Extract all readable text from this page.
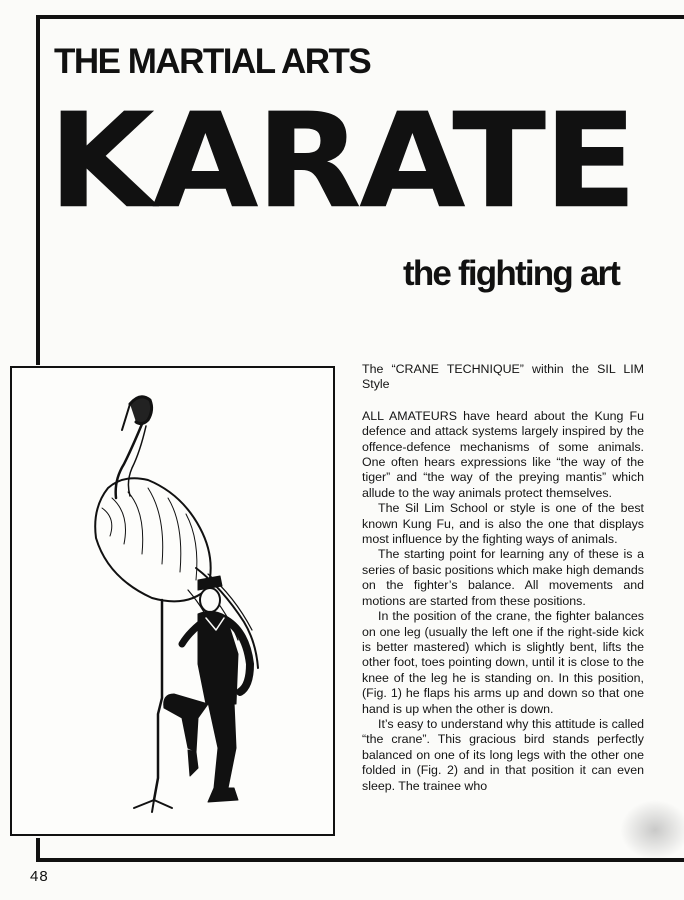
THE MARTIAL ARTS
KARATE
the fighting art
The “CRANE TECHNIQUE” within the SIL LIM Style

ALL AMATEURS have heard about the Kung Fu defence and attack systems largely inspired by the offence-defence mechanisms of some animals. One often hears expressions like “the way of the tiger” and “the way of the preying mantis” which allude to the way animals protect themselves.

The Sil Lim School or style is one of the best known Kung Fu, and is also the one that displays most influence by the fighting ways of animals.

The starting point for learning any of these is a series of basic positions which make high demands on the fighter’s balance. All movements and motions are started from these positions.

In the position of the crane, the fighter balances on one leg (usually the left one if the right-side kick is better mastered) which is slightly bent, lifts the other foot, toes pointing down, until it is close to the knee of the leg he is standing on. In this position, (Fig. 1) he flaps his arms up and down so that one hand is up when the other is down.

It’s easy to understand why this attitude is called “the crane”. This gracious bird stands perfectly balanced on one of its long legs with the other one folded in (Fig. 2) and in that position it can even sleep. The trainee who

48
